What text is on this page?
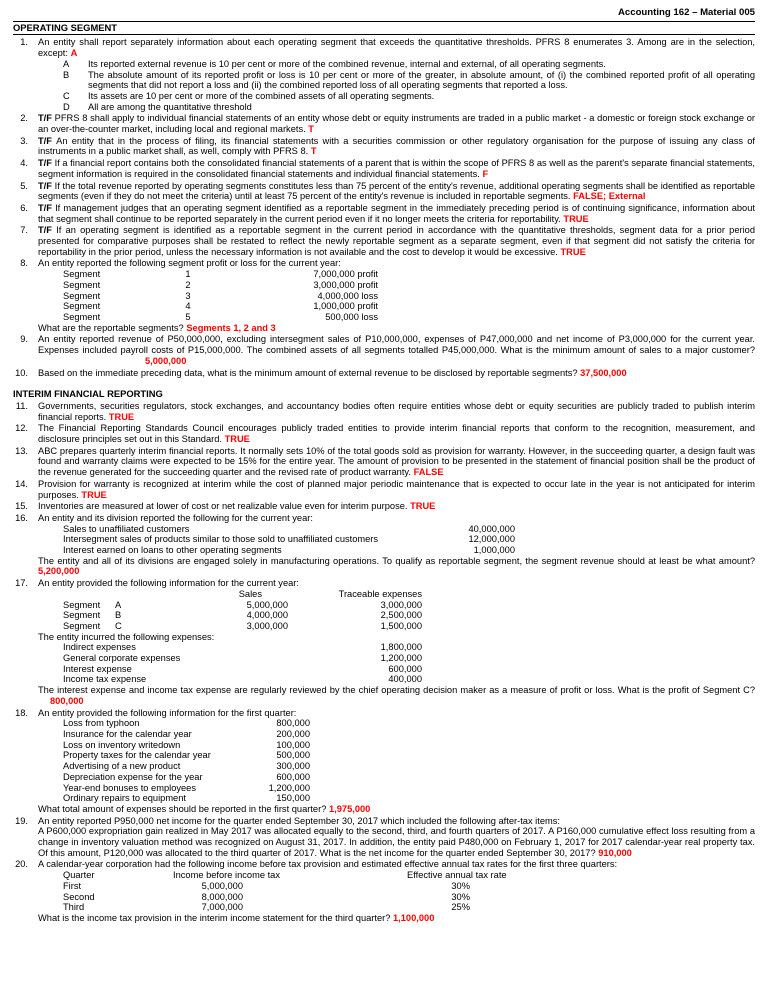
Accounting 162 – Material 005
OPERATING SEGMENT
1. An entity shall report separately information about each operating segment that exceeds the quantitative thresholds. PFRS 8 enumerates 3. Among are in the selection, except: A
A	Its reported external revenue is 10 per cent or more of the combined revenue, internal and external, of all operating segments.
B	The absolute amount of its reported profit or loss is 10 per cent or more of the greater, in absolute amount, of (i) the combined reported profit of all operating segments that did not report a loss and (ii) the combined reported loss of all operating segments that reported a loss.
C	Its assets are 10 per cent or more of the combined assets of all operating segments.
D	All are among the quantitative threshold
2. T/F PFRS 8 shall apply to individual financial statements of an entity whose debt or equity instruments are traded in a public market - a domestic or foreign stock exchange or an over-the-counter market, including local and regional markets. T
3. T/F An entity that in the process of filing, its financial statements with a securities commission or other regulatory organisation for the purpose of issuing any class of instruments in a public market shall, as well, comply with PFRS 8. T
4. T/F If a financial report contains both the consolidated financial statements of a parent that is within the scope of PFRS 8 as well as the parent's separate financial statements, segment information is required in the consolidated financial statements and individual financial statements. F
5. T/F If the total revenue reported by operating segments constitutes less than 75 percent of the entity's revenue, additional operating segments shall be identified as reportable segments (even if they do not meet the criteria) until at least 75 percent of the entity's revenue is included in reportable segments. FALSE; External
6. T/F If management judges that an operating segment identified as a reportable segment in the immediately preceding period is of continuing significance, information about that segment shall continue to be reported separately in the current period even if it no longer meets the criteria for reportability. TRUE
7. T/F If an operating segment is identified as a reportable segment in the current period in accordance with the quantitative thresholds, segment data for a prior period presented for comparative purposes shall be restated to reflect the newly reportable segment as a separate segment, even if that segment did not satisfy the criteria for reportability in the prior period, unless the necessary information is not available and the cost to develop it would be excessive. TRUE
8. An entity reported the following segment profit or loss for the current year:
Segment	1	7,000,000 profit
Segment	2	3,000,000 profit
Segment	3	4,000,000 loss
Segment	4	1,000,000 profit
Segment	5	500,000 loss
What are the reportable segments? Segments 1, 2 and 3
9. An entity reported revenue of P50,000,000, excluding intersegment sales of P10,000,000, expenses of P47,000,000 and net income of P3,000,000 for the current year. Expenses included payroll costs of P15,000,000. The combined assets of all segments totalled P45,000,000. What is the minimum amount of sales to a major customer?5,000,000
10. Based on the immediate preceding data, what is the minimum amount of external revenue to be disclosed by reportable segments? 37,500,000
INTERIM FINANCIAL REPORTING
11. Governments, securities regulators, stock exchanges, and accountancy bodies often require entities whose debt or equity securities are publicly traded to publish interim financial reports. TRUE
12. The Financial Reporting Standards Council encourages publicly traded entities to provide interim financial reports that conform to the recognition, measurement, and disclosure principles set out in this Standard. TRUE
13. ABC prepares quarterly interim financial reports. It normally sets 10% of the total goods sold as provision for warranty. However, in the succeeding quarter, a design fault was found and warranty claims were expected to be 15% for the entire year. The amount of provision to be presented in the statement of financial position shall be the product of the revenue generated for the succeeding quarter and the revised rate of product warranty. FALSE
14. Provision for warranty is recognized at interim while the cost of planned major periodic maintenance that is expected to occur late in the year is not anticipated for interim purposes. TRUE
15. Inventories are measured at lower of cost or net realizable value even for interim purpose. TRUE
16. An entity and its division reported the following for the current year:
Sales to unaffiliated customers	40,000,000
Intersegment sales of products similar to those sold to unaffiliated customers	12,000,000
Interest earned on loans to other operating segments	1,000,000
The entity and all of its divisions are engaged solely in manufacturing operations. To qualify as reportable segment, the segment revenue should at least be what amount? 5,200,000
17. An entity provided the following information for the current year:
Sales	Traceable expenses
Segment	A	5,000,000	3,000,000
Segment	B	4,000,000	2,500,000
Segment	C	3,000,000	1,500,000
The entity incurred the following expenses:
Indirect expenses	1,800,000
General corporate expenses	1,200,000
Interest expense	600,000
Income tax expense	400,000
The interest expense and income tax expense are regularly reviewed by the chief operating decision maker as a measure of profit or loss. What is the profit of Segment C?800,000
18. An entity provided the following information for the first quarter:
Loss from typhoon	800,000
Insurance for the calendar year	200,000
Loss on inventory writedown	100,000
Property taxes for the calendar year	500,000
Advertising of a new product	300,000
Depreciation expense for the year	600,000
Year-end bonuses to employees	1,200,000
Ordinary repairs to equipment	150,000
What total amount of expenses should be reported in the first quarter? 1,975,000
19. An entity reported P950,000 net income for the quarter ended September 30, 2017 which included the following after-tax items:
A P600,000 expropriation gain realized in May 2017 was allocated equally to the second, third, and fourth quarters of 2017. A P160,000 cumulative effect loss resulting from a change in inventory valuation method was recognized on August 31, 2017. In addition, the entity paid P480,000 on February 1, 2017 for 2017 calendar-year real property tax. Of this amount, P120,000 was allocated to the third quarter of 2017. What is the net income for the quarter ended September 30, 2017? 910,000
20. A calendar-year corporation had the following income before tax provision and estimated effective annual tax rates for the first three quarters:
Quarter	Income before income tax	Effective annual tax rate
First	5,000,000	30%
Second	8,000,000	30%
Third	7,000,000	25%
What is the income tax provision in the interim income statement for the third quarter? 1,100,000
